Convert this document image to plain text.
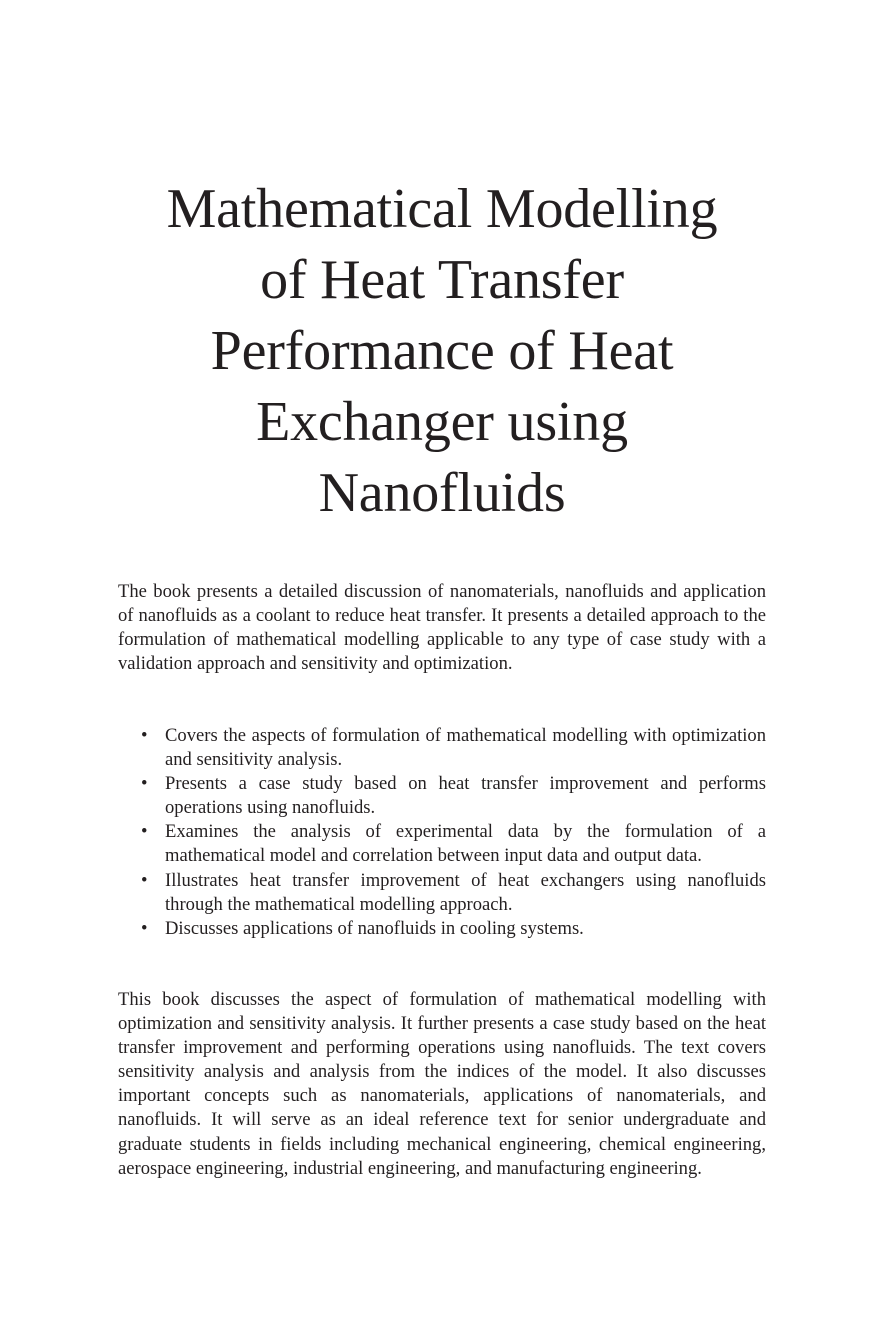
Mathematical Modelling
of Heat Transfer
Performance of Heat
Exchanger using
Nanofluids

The book presents a detailed discussion of nanomaterials, nanofluids and application of nanofluids as a coolant to reduce heat transfer. It presents a detailed approach to the formulation of mathematical modelling applicable to any type of case study with a validation approach and sensitivity and optimization.

• Covers the aspects of formulation of mathematical modelling with optimization and sensitivity analysis.
• Presents a case study based on heat transfer improvement and performs operations using nanofluids.
• Examines the analysis of experimental data by the formulation of a mathematical model and correlation between input data and output data.
• Illustrates heat transfer improvement of heat exchangers using nanofluids through the mathematical modelling approach.
• Discusses applications of nanofluids in cooling systems.

This book discusses the aspect of formulation of mathematical modelling with optimization and sensitivity analysis. It further presents a case study based on the heat transfer improvement and performing operations using nanofluids. The text covers sensitivity analysis and analysis from the indices of the model. It also discusses important concepts such as nanomaterials, applications of nanomaterials, and nanofluids. It will serve as an ideal reference text for senior undergraduate and graduate students in fields including mechanical engineering, chemical engineering, aerospace engineering, industrial engineering, and manufacturing engineering.
